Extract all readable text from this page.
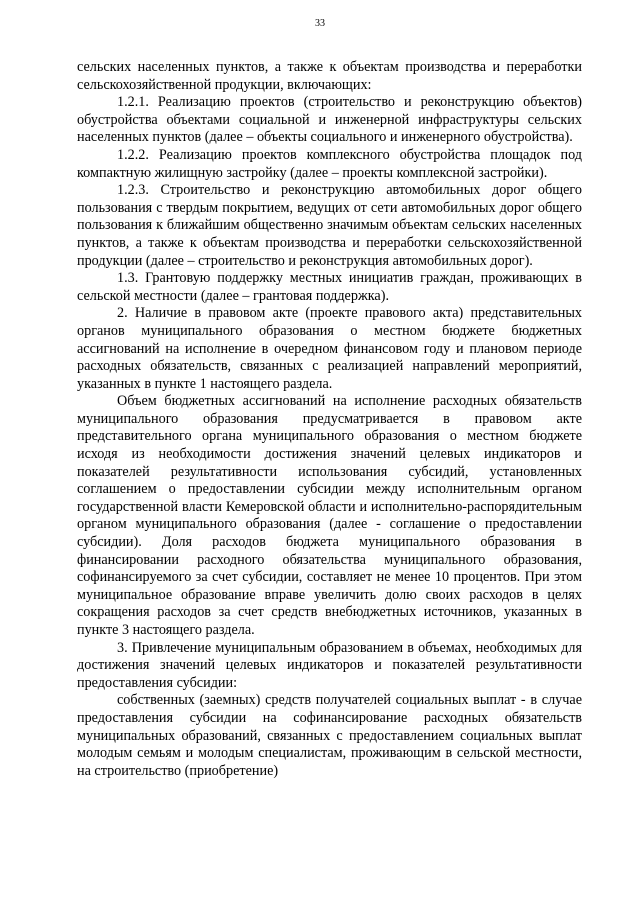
33

сельских населенных пунктов, а также к объектам производства и переработки сельскохозяйственной продукции, включающих:

1.2.1. Реализацию проектов (строительство и реконструкцию объектов) обустройства объектами социальной и инженерной инфраструктуры сельских населенных пунктов (далее – объекты социального и инженерного обустройства).

1.2.2. Реализацию проектов комплексного обустройства площадок под компактную жилищную застройку (далее – проекты комплексной застройки).

1.2.3. Строительство и реконструкцию автомобильных дорог общего пользования с твердым покрытием, ведущих от сети автомобильных дорог общего пользования к ближайшим общественно значимым объектам сельских населенных пунктов, а также к объектам производства и переработки сельскохозяйственной продукции (далее – строительство и реконструкция автомобильных дорог).

1.3. Грантовую поддержку местных инициатив граждан, проживающих в сельской местности (далее – грантовая поддержка).

2. Наличие в правовом акте (проекте правового акта) представительных органов муниципального образования о местном бюджете бюджетных ассигнований на исполнение в очередном финансовом году и плановом периоде расходных обязательств, связанных с реализацией направлений мероприятий, указанных в пункте 1 настоящего раздела.

Объем бюджетных ассигнований на исполнение расходных обязательств муниципального образования предусматривается в правовом акте представительного органа муниципального образования о местном бюджете исходя из необходимости достижения значений целевых индикаторов и показателей результативности использования субсидий, установленных соглашением о предоставлении субсидии между исполнительным органом государственной власти Кемеровской области и исполнительно-распорядительным органом муниципального образования (далее - соглашение о предоставлении субсидии). Доля расходов бюджета муниципального образования в финансировании расходного обязательства муниципального образования, софинансируемого за счет субсидии, составляет не менее 10 процентов. При этом муниципальное образование вправе увеличить долю своих расходов в целях сокращения расходов за счет средств внебюджетных источников, указанных в пункте 3 настоящего раздела.

3. Привлечение муниципальным образованием в объемах, необходимых для достижения значений целевых индикаторов и показателей результативности предоставления субсидии:

собственных (заемных) средств получателей социальных выплат - в случае предоставления субсидии на софинансирование расходных обязательств муниципальных образований, связанных с предоставлением социальных выплат молодым семьям и молодым специалистам, проживающим в сельской местности, на строительство (приобретение)
